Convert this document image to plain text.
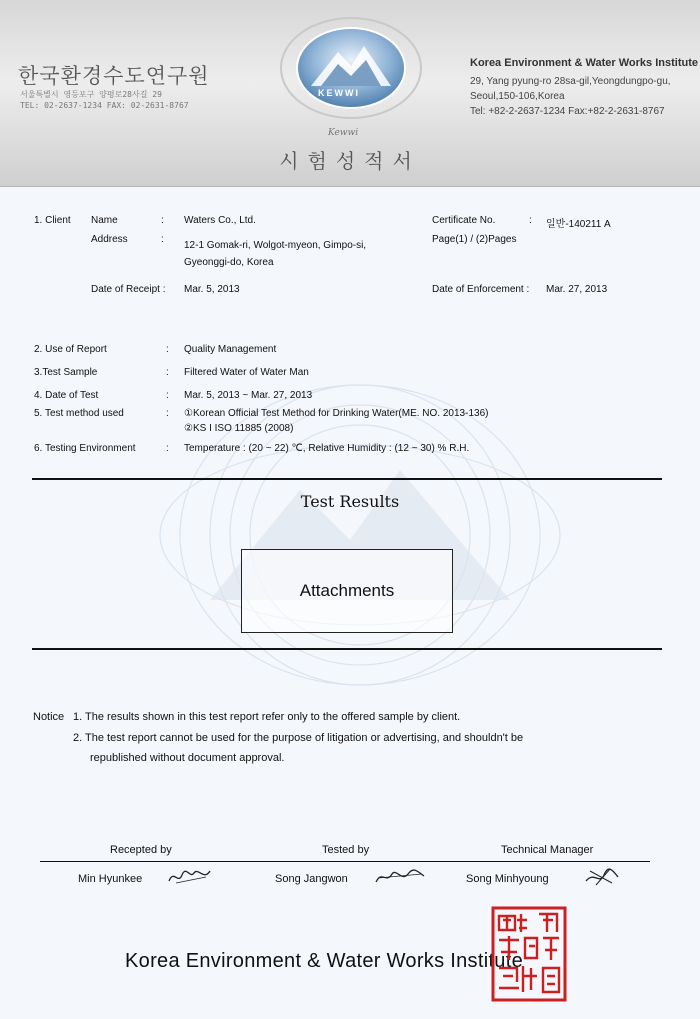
한국환경수도연구원
서울특별시 영등포구 양평로28사길 29
TEL: 02-2637-1234 FAX: 02-2631-8767
KEWWI
Kewwi
Korea Environment & Water Works Institute
29, Yang pyung-ro 28sa-gil,Yeongdungpo-gu,
Seoul,150-106,Korea
Tel: +82-2-2637-1234 Fax:+82-2-2631-8767
시험성적서
1. Client Name	: Waters Co., Ltd.
Address	:
12-1 Gomak-ri, Wolgot-myeon, Gimpo-si,
Gyeonggi-do, Korea
Date of Receipt : Mar. 5, 2013
Certificate No.	: 일반-140211 A
Page(1) / (2)Pages
Date of Enforcement : Mar. 27, 2013
2. Use of Report	: Quality Management
3.Test Sample	: Filtered Water of Water Man
4. Date of Test	: Mar. 5, 2013 ~ Mar. 27, 2013
5. Test method used	: ①Korean Official Test Method for Drinking Water(ME. NO. 2013-136)
②KS I ISO 11885 (2008)
6. Testing Environment	: Temperature : (20 ~ 22) ℃, Relative Humidity : (12 ~ 30) % R.H.
Test Results
Attachments
Notice 1. The results shown in this test report refer only to the offered sample by client.
2. The test report cannot be used for the purpose of litigation or advertising, and shouldn't be
republished without document approval.
Recepted by	Tested by	Technical Manager
Min Hyunkee	Song Jangwon	Song Minhyoung
Korea Environment & Water Works Institute
